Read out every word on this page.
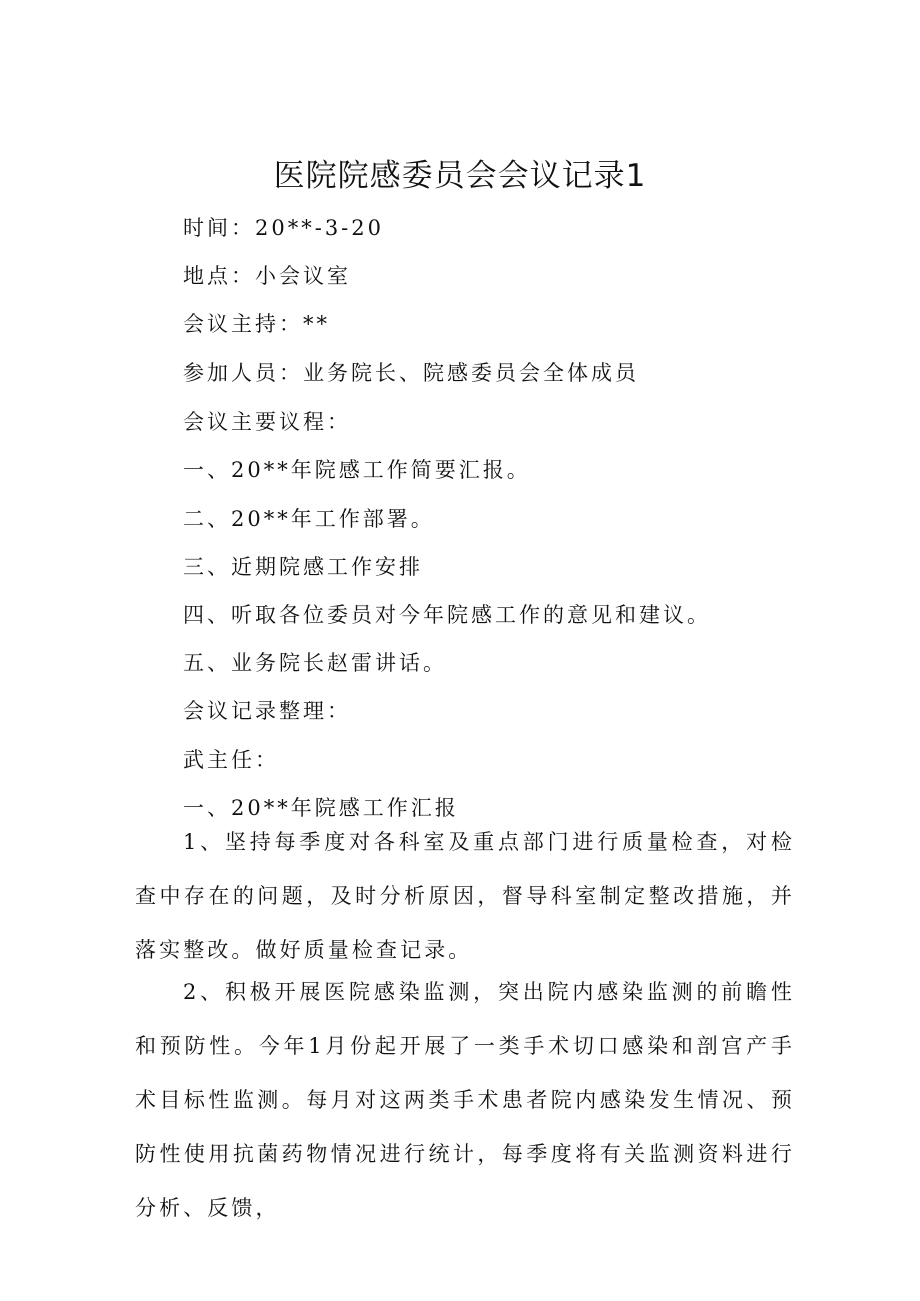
医院院感委员会会议记录1
时间：20**-3-20
地点：小会议室
会议主持：**
参加人员：业务院长、院感委员会全体成员
会议主要议程：
一、20**年院感工作简要汇报。
二、20**年工作部署。
三、近期院感工作安排
四、听取各位委员对今年院感工作的意见和建议。
五、业务院长赵雷讲话。
会议记录整理：
武主任：
一、20**年院感工作汇报
1、坚持每季度对各科室及重点部门进行质量检查，对检查中存在的问题，及时分析原因，督导科室制定整改措施，并落实整改。做好质量检查记录。
2、积极开展医院感染监测，突出院内感染监测的前瞻性和预防性。今年1月份起开展了一类手术切口感染和剖宫产手术目标性监测。每月对这两类手术患者院内感染发生情况、预防性使用抗菌药物情况进行统计，每季度将有关监测资料进行分析、反馈，
